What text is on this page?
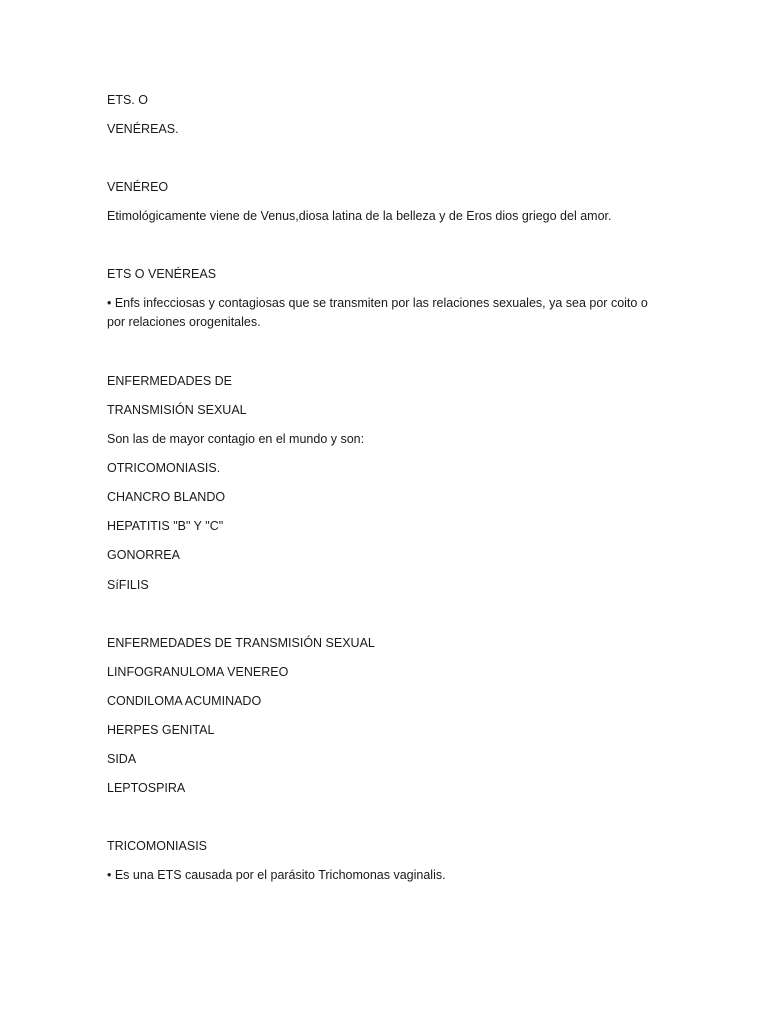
ETS. O
VENÉREAS.
VENÉREO
Etimológicamente viene de Venus,diosa latina de la belleza y de Eros dios griego del amor.
ETS O VENÉREAS
• Enfs infecciosas y contagiosas que se transmiten por las relaciones sexuales, ya sea por coito o por relaciones orogenitales.
ENFERMEDADES DE
TRANSMISIÓN SEXUAL
Son las de mayor contagio en el mundo y son:
OTRICOMONIASIS.
CHANCRO BLANDO
HEPATITIS "B" Y "C"
GONORREA
SíFILIS
ENFERMEDADES DE TRANSMISIÓN SEXUAL
LINFOGRANULOMA VENEREO
CONDILOMA ACUMINADO
HERPES GENITAL
SIDA
LEPTOSPIRA
TRICOMONIASIS
• Es una ETS causada por el parásito Trichomonas vaginalis.
